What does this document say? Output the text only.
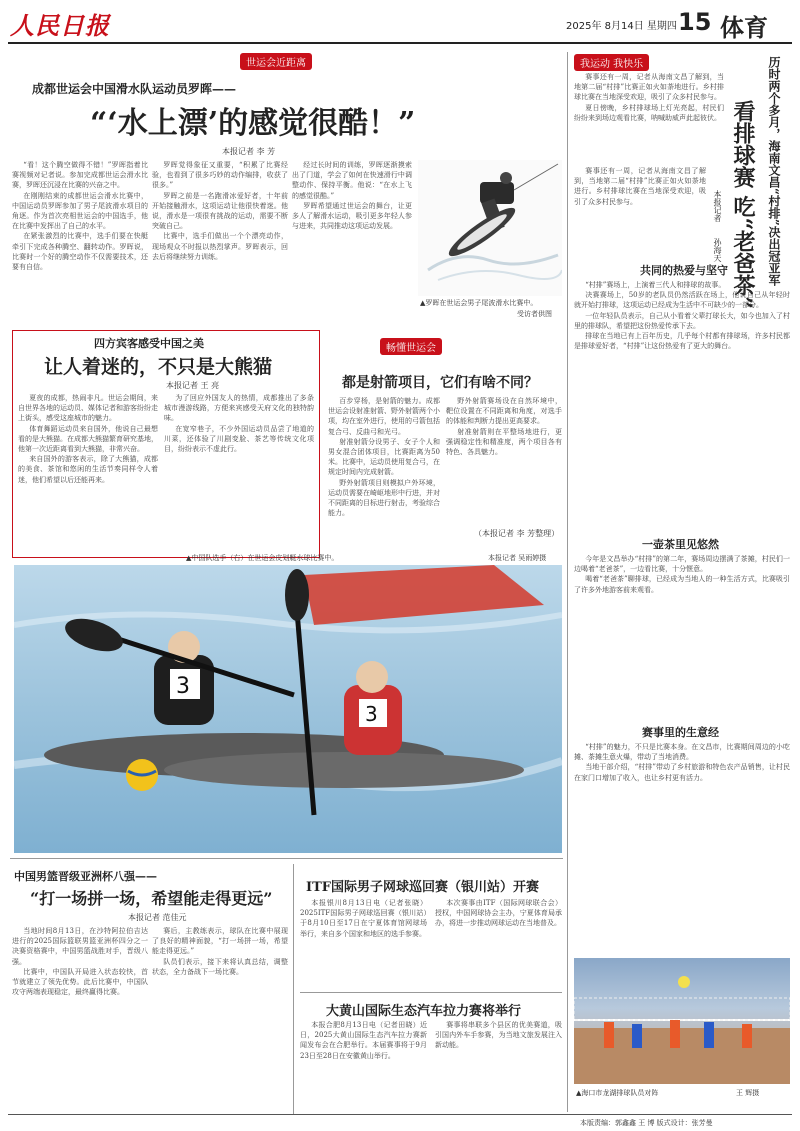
人民日报	2025年 8月14日 星期四 15 体育
世运会近距离
成都世运会中国滑水队运动员罗晖——
“‘水上漂’的感觉很酷！”
本报记者 李 芳

“看！这个腾空做得不错！”罗晖指着比赛视频对记者说。参加完成都世运会滑水比赛，罗晖还沉浸在比赛的兴奋之中。

在刚刚结束的成都世运会滑水比赛中，中国运动员罗晖参加了男子尾波滑水项目的角逐。作为首次亮相世运会的中国选手，他在比赛中发挥出了自己的水平。

在紧张激烈的比赛中，选手们要在快艇牵引下完成各种腾空、翻转动作。罗晖说，比赛时一个好的腾空动作不仅需要技术，还要有自信。

罗晖觉得象征又重要，“积累了比赛经验，也看到了很多巧妙的动作编排，收获了很多。”

罗晖之前是一名跑滑冰爱好者，十年前开始接触滑水，这项运动让他很快着迷。他说，滑水是一项很有挑战的运动，需要不断突破自己。

比赛中，选手们做出一个个漂亮动作，现场观众不时报以热烈掌声。罗晖表示，回去后将继续努力训练。

经过长时间的训练，罗晖逐渐摸索出了门道，学会了如何在快速滑行中调整动作、保持平衡。他说：“在水上飞的感觉很酷。”

罗晖希望通过世运会的舞台，让更多人了解滑水运动，吸引更多年轻人参与进来，共同推动这项运动发展。

▲罗晖在世运会男子尾波滑水比赛中。
受访者供图
四方宾客感受中国之美
让人着迷的，不只是大熊猫
本报记者 王 亮

夏夜的成都，热闹非凡。世运会期间，来自世界各地的运动员、媒体记者和游客纷纷走上街头，感受这座城市的魅力。

体育舞蹈运动员来自国外，他说自己最想看的是大熊猫。在成都大熊猫繁育研究基地，他第一次近距离看到大熊猫，非常兴奋。

来自国外的游客表示，除了大熊猫，成都的美食、茶馆和悠闲的生活节奏同样令人着迷，他们希望以后还能再来。

为了回应外国友人的热情，成都推出了多条城市漫游线路，方便来宾感受天府文化的独特韵味。

在宽窄巷子，不少外国运动员品尝了地道的川菜，还体验了川剧变脸、茶艺等传统文化项目，纷纷表示不虚此行。

畅懂世运会
都是射箭项目，它们有啥不同？

百步穿杨，是射箭的魅力。成都世运会设射准射箭、野外射箭两个小项，均在室外进行，使用的弓箭包括复合弓、反曲弓和光弓。

射准射箭分设男子、女子个人和男女混合团体项目，比赛距离为50米。比赛中，运动员使用复合弓，在规定时间内完成射箭。

野外射箭项目则模拟户外环境，运动员需要在崎岖地形中行进，并对不同距离的目标进行射击，考验综合能力。

野外射箭赛场设在自然环境中，靶位设置在不同距离和角度，对选手的体能和判断力提出更高要求。

射准射箭则在平整场地进行，更强调稳定性和精准度，两个项目各有特色、各具魅力。

（本报记者 李 芳整理）
▲中国队选手（右）在世运会皮划艇水球比赛中。	本报记者 吴雨婷摄
3
3
我运动 我快乐

赛事还有一周，记者从海南文昌了解到，当地第二届“村排”比赛正如火如荼地进行。乡村排球比赛在当地深受欢迎，吸引了众多村民参与。

夏日傍晚，乡村排球场上灯光亮起，村民们纷纷来到场边观看比赛，呐喊助威声此起彼伏。	历时两个多月，海南文昌“村排”决出冠亚军
看排球赛 吃“老爸茶”
本报记者
孙海天

赛事还有一周，记者从海南文昌了解到，当地第二届“村排”比赛正如火如荼地进行。乡村排球比赛在当地深受欢迎，吸引了众多村民参与。

共同的热爱与坚守

“村排”赛场上，上演着三代人和排球的故事。

决赛赛场上，50岁的老队员仍然活跃在场上，他说自己从年轻时就开始打排球，这项运动已经成为生活中不可缺少的一部分。

一位年轻队员表示，自己从小看着父辈打球长大，如今也加入了村里的排球队，希望把这份热爱传承下去。

排球在当地已有上百年历史，几乎每个村都有排球场，许多村民都是排球爱好者，“村排”让这份热爱有了更大的舞台。

一壶茶里见悠然

今年是文昌举办“村排”的第二年，赛场周边摆满了茶摊，村民们一边喝着“老爸茶”，一边看比赛，十分惬意。

喝着“老爸茶”聊排球，已经成为当地人的一种生活方式，比赛吸引了许多外地游客前来观看。

赛事里的生意经

“村排”的魅力，不只是比赛本身。在文昌市，比赛期间周边的小吃摊、茶摊生意火爆，带动了当地消费。

当地干部介绍，“村排”带动了乡村旅游和特色农产品销售，让村民在家门口增加了收入，也让乡村更有活力。

▲海口市龙湖排球队员对阵	王 辉摄
中国男篮晋级亚洲杯八强——
“打一场拼一场，希望能走得更远”
本报记者 范佳元

当地时间8月13日，在沙特阿拉伯吉达进行的2025国际篮联男篮亚洲杯四分之一决赛资格赛中，中国男篮战胜对手，晋级八强。

比赛中，中国队开局进入状态较快，首节就建立了领先优势。此后比赛中，中国队攻守两端表现稳定，最终赢得比赛。

赛后，主教练表示，球队在比赛中展现了良好的精神面貌，“打一场拼一场，希望能走得更远。”

队员们表示，接下来将认真总结，调整状态，全力备战下一场比赛。

ITF国际男子网球巡回赛（银川站）开赛

本报银川8月13日电（记者张晓）2025ITF国际男子网球巡回赛（银川站）于8月10日至17日在宁夏体育馆网球场举行，来自多个国家和地区的选手参赛。

本次赛事由ITF（国际网球联合会）授权，中国网球协会主办，宁夏体育局承办，将进一步推动网球运动在当地普及。

大黄山国际生态汽车拉力赛将举行

本报合肥8月13日电（记者田晓）近日，2025大黄山国际生态汽车拉力赛新闻发布会在合肥举行。本届赛事将于9月23日至28日在安徽黄山举行。

赛事将串联多个县区的优美赛道，吸引国内外车手参赛，为当地文旅发展注入新动能。

本版责编：郭鑫鑫 王 博 版式设计：张芳曼
